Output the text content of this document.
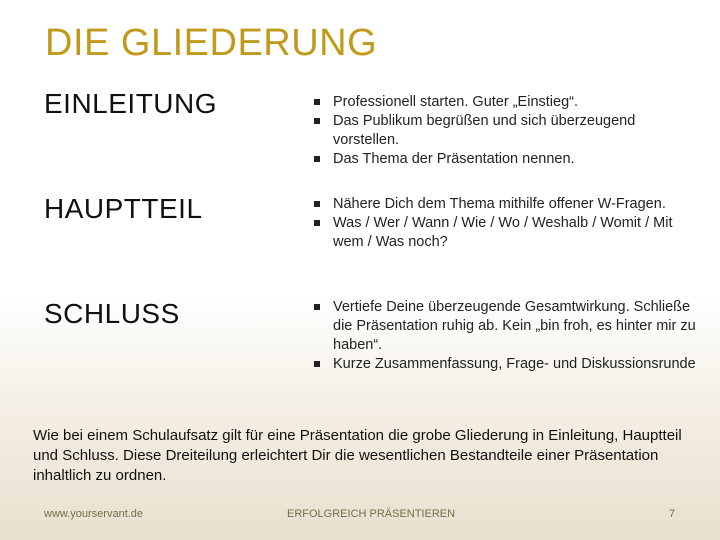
DIE GLIEDERUNG
EINLEITUNG	Professionell starten. Guter „Einstieg“.
Das Publikum begrüßen und sich überzeugend vorstellen.
Das Thema der Präsentation nennen.
HAUPTTEIL	Nähere Dich dem Thema mithilfe offener W-Fragen.
Was / Wer / Wann / Wie / Wo / Weshalb / Womit / Mit wem / Was noch?
SCHLUSS	Vertiefe Deine überzeugende Gesamtwirkung. Schließe die Präsentation ruhig ab. Kein „bin froh, es hinter mir zu haben“.
Kurze Zusammenfassung, Frage- und Diskussionsrunde
Wie bei einem Schulaufsatz gilt für eine Präsentation die grobe Gliederung in Einleitung, Hauptteil und Schluss. Diese Dreiteilung erleichtert Dir die wesentlichen Bestandteile einer Präsentation inhaltlich zu ordnen.
www.yourservant.de	ERFOLGREICH PRÄSENTIEREN	7
